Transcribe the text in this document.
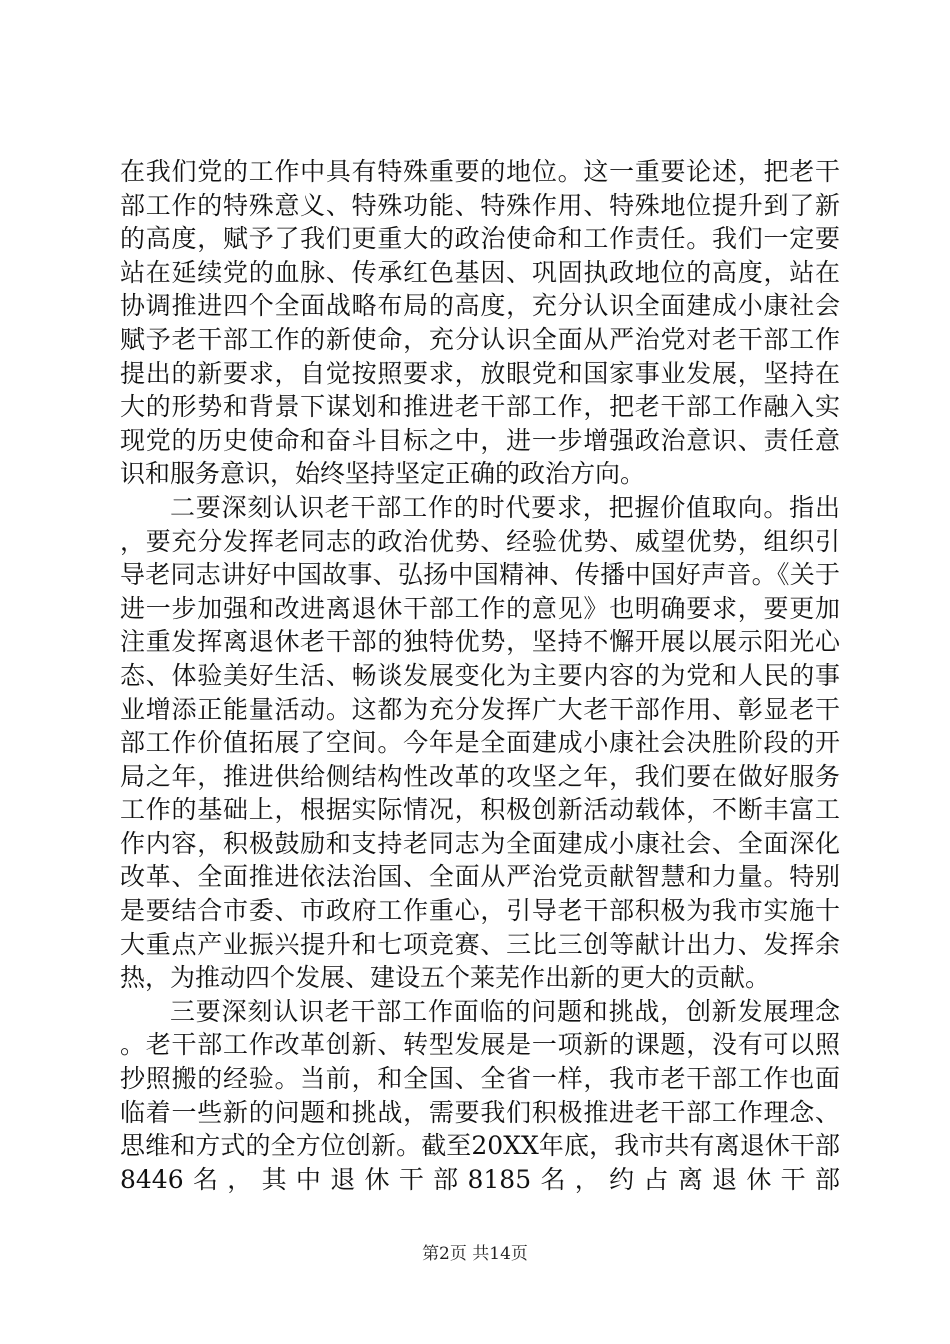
在我们党的工作中具有特殊重要的地位。这一重要论述，把老干部工作的特殊意义、特殊功能、特殊作用、特殊地位提升到了新的高度，赋予了我们更重大的政治使命和工作责任。我们一定要站在延续党的血脉、传承红色基因、巩固执政地位的高度，站在协调推进四个全面战略布局的高度，充分认识全面建成小康社会赋予老干部工作的新使命，充分认识全面从严治党对老干部工作提出的新要求，自觉按照要求，放眼党和国家事业发展，坚持在大的形势和背景下谋划和推进老干部工作，把老干部工作融入实现党的历史使命和奋斗目标之中，进一步增强政治意识、责任意识和服务意识，始终坚持坚定正确的政治方向。

二要深刻认识老干部工作的时代要求，把握价值取向。指出，要充分发挥老同志的政治优势、经验优势、威望优势，组织引导老同志讲好中国故事、弘扬中国精神、传播中国好声音。《关于进一步加强和改进离退休干部工作的意见》也明确要求，要更加注重发挥离退休老干部的独特优势，坚持不懈开展以展示阳光心态、体验美好生活、畅谈发展变化为主要内容的为党和人民的事业增添正能量活动。这都为充分发挥广大老干部作用、彰显老干部工作价值拓展了空间。今年是全面建成小康社会决胜阶段的开局之年，推进供给侧结构性改革的攻坚之年，我们要在做好服务工作的基础上，根据实际情况，积极创新活动载体，不断丰富工作内容，积极鼓励和支持老同志为全面建成小康社会、全面深化改革、全面推进依法治国、全面从严治党贡献智慧和力量。特别是要结合市委、市政府工作重心，引导老干部积极为我市实施十大重点产业振兴提升和七项竞赛、三比三创等献计出力、发挥余热，为推动四个发展、建设五个莱芜作出新的更大的贡献。

三要深刻认识老干部工作面临的问题和挑战，创新发展理念。老干部工作改革创新、转型发展是一项新的课题，没有可以照抄照搬的经验。当前，和全国、全省一样，我市老干部工作也面临着一些新的问题和挑战，需要我们积极推进老干部工作理念、思维和方式的全方位创新。截至20XX年底，我市共有离退休干部8446名，其中退休干部8185名，约占离退休干部

第2页 共14页
